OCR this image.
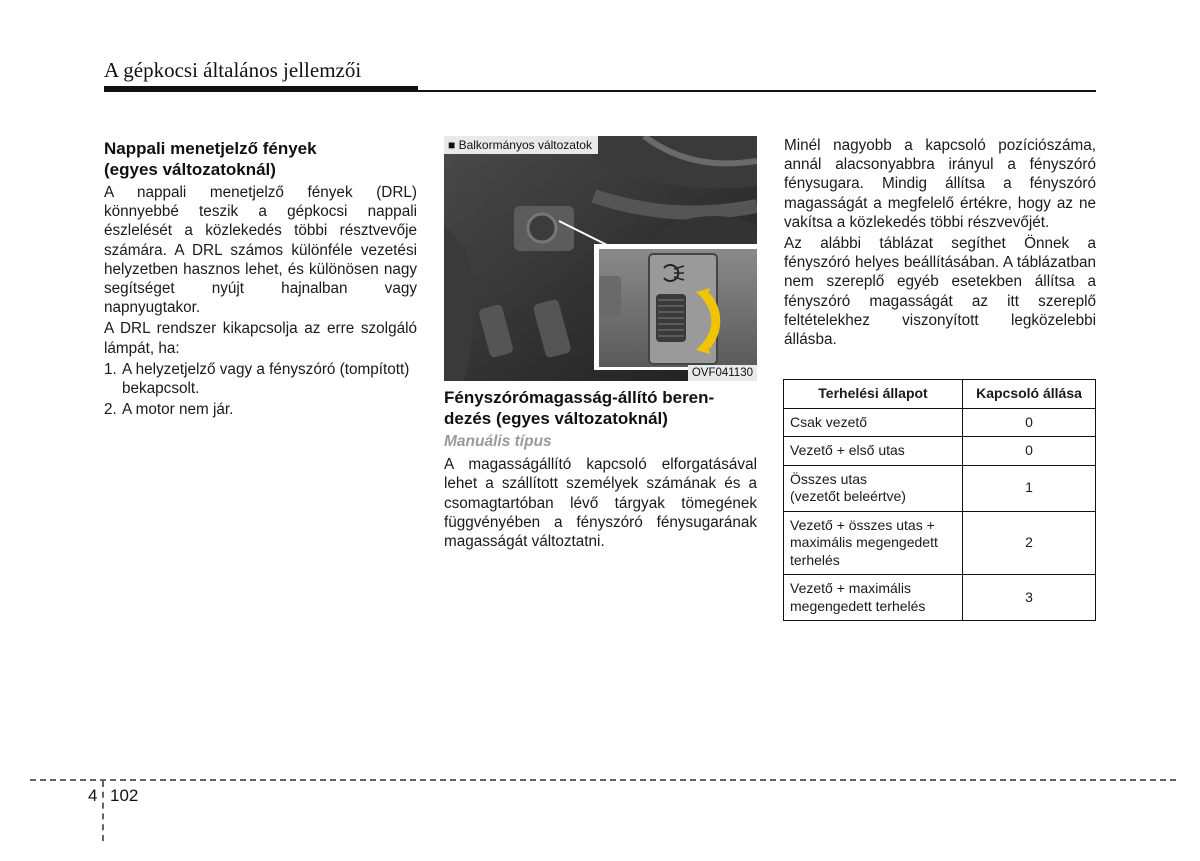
A gépkocsi általános jellemzői
Nappali menetjelző fények
(egyes változatoknál)

A nappali menetjelző fények (DRL) könnyebbé teszik a gépkocsi nappali észlelését a közlekedés többi résztvevője számára. A DRL számos különféle vezetési helyzetben hasznos lehet, és különösen nagy segítséget nyújt hajnalban vagy napnyugtakor.

A DRL rendszer kikapcsolja az erre szolgáló lámpát, ha:

1. A helyzetjelző vagy a fényszóró (tompított) bekapcsolt.
2. A motor nem jár.
■ Balkormányos változatok
OVF041130
Fényszórómagasság-állító beren-
dezés (egyes változatoknál)
Manuális típus

A magasságállító kapcsoló elforgatásával lehet a szállított személyek számának és a csomagtartóban lévő tárgyak tömegének függvényében a fényszóró fénysugarának magasságát változtatni.

Minél nagyobb a kapcsoló pozíciószáma, annál alacsonyabbra irányul a fényszóró fénysugara. Mindig állítsa a fényszóró magasságát a megfelelő értékre, hogy az ne vakítsa a közlekedés többi részvevőjét.

Az alábbi táblázat segíthet Önnek a fényszóró helyes beállításában. A táblázatban nem szereplő egyéb esetekben állítsa a fényszóró magasságát az itt szereplő feltételekhez viszonyított legközelebbi állásba.

Terhelési állapot	Kapcsoló állása
Csak vezető	0
Vezető + első utas	0
Összes utas
(vezetőt beleértve)	1
Vezető + összes utas + maximális megengedett terhelés	2
Vezető + maximális megengedett terhelés	3
4 102
